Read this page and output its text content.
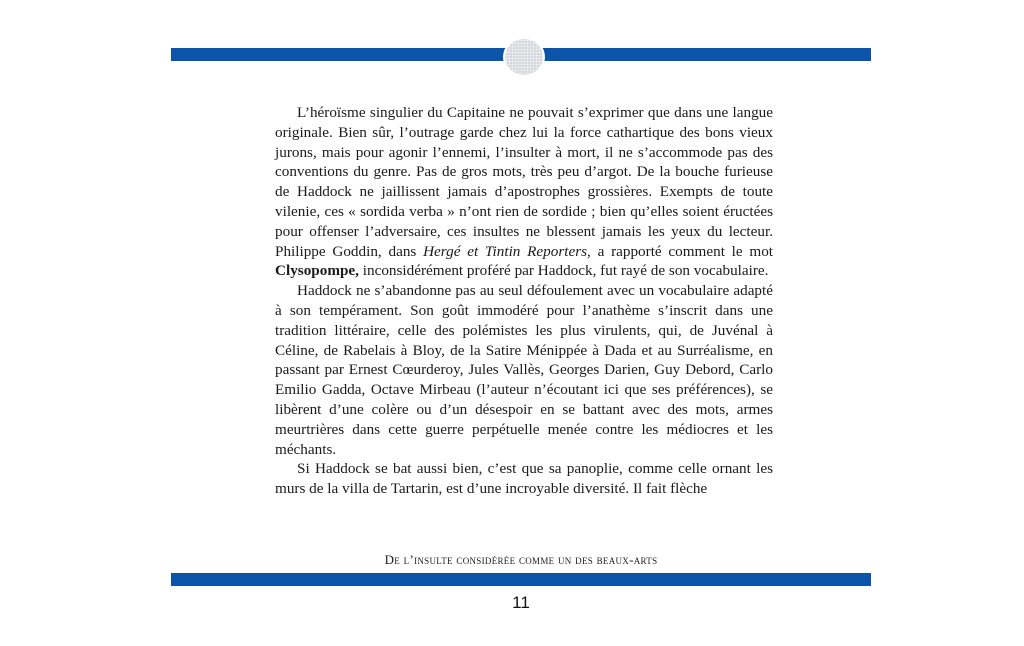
L’héroïsme singulier du Capitaine ne pouvait s’exprimer que dans une langue originale. Bien sûr, l’outrage garde chez lui la force cathartique des bons vieux jurons, mais pour agonir l’ennemi, l’insulter à mort, il ne s’accommode pas des conventions du genre. Pas de gros mots, très peu d’argot. De la bouche furieuse de Haddock ne jaillissent jamais d’apostrophes grossières. Exempts de toute vilenie, ces « sordida verba » n’ont rien de sordide ; bien qu’elles soient éructées pour offenser l’adversaire, ces insultes ne blessent jamais les yeux du lecteur. Philippe Goddin, dans Hergé et Tintin Reporters, a rapporté comment le mot Clysopompe, inconsidérément proféré par Haddock, fut rayé de son vocabulaire.

Haddock ne s’abandonne pas au seul défoulement avec un vocabulaire adapté à son tempérament. Son goût immodéré pour l’anathème s’inscrit dans une tradition littéraire, celle des polémistes les plus virulents, qui, de Juvénal à Céline, de Rabelais à Bloy, de la Satire Ménippée à Dada et au Surréalisme, en passant par Ernest Cœurderoy, Jules Vallès, Georges Darien, Guy Debord, Carlo Emilio Gadda, Octave Mirbeau (l’auteur n’écoutant ici que ses préférences), se libèrent d’une colère ou d’un désespoir en se battant avec des mots, armes meurtrières dans cette guerre perpétuelle menée contre les médiocres et les méchants.

Si Haddock se bat aussi bien, c’est que sa panoplie, comme celle ornant les murs de la villa de Tartarin, est d’une incroyable diversité. Il fait flèche

De l’insulte considérée comme un des beaux-arts
11
